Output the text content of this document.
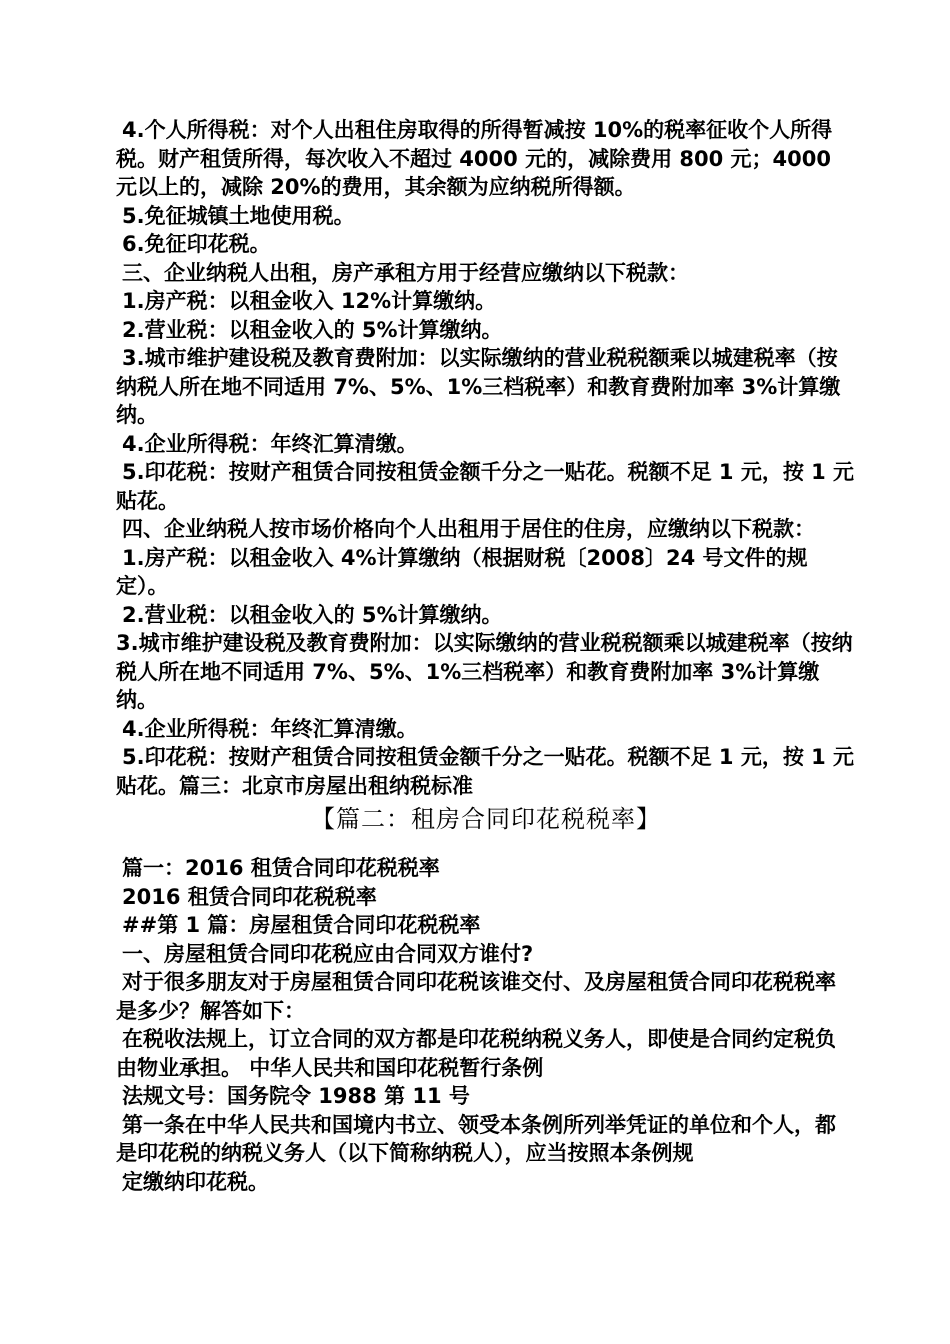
4.个人所得税：对个人出租住房取得的所得暂减按 10%的税率征收个人所得税。财产租赁所得，每次收入不超过 4000 元的，减除费用 800 元；4000 元以上的，减除 20%的费用，其余额为应纳税所得额。

5.免征城镇土地使用税。

6.免征印花税。

三、企业纳税人出租，房产承租方用于经营应缴纳以下税款：

1.房产税：以租金收入 12%计算缴纳。

2.营业税：以租金收入的 5%计算缴纳。

3.城市维护建设税及教育费附加：以实际缴纳的营业税税额乘以城建税率（按纳税人所在地不同适用 7%、5%、1%三档税率）和教育费附加率 3%计算缴纳。

4.企业所得税：年终汇算清缴。

5.印花税：按财产租赁合同按租赁金额千分之一贴花。税额不足 1 元，按 1 元贴花。

四、企业纳税人按市场价格向个人出租用于居住的住房，应缴纳以下税款：

1.房产税：以租金收入 4%计算缴纳（根据财税〔2008〕24 号文件的规定）。

2.营业税：以租金收入的 5%计算缴纳。

3.城市维护建设税及教育费附加：以实际缴纳的营业税税额乘以城建税率（按纳税人所在地不同适用 7%、5%、1%三档税率）和教育费附加率 3%计算缴纳。

4.企业所得税：年终汇算清缴。

5.印花税：按财产租赁合同按租赁金额千分之一贴花。税额不足 1 元，按 1 元贴花。篇三：北京市房屋出租纳税标准

【篇二：租房合同印花税税率】

篇一：2016 租赁合同印花税税率

2016 租赁合同印花税税率

##第 1 篇：房屋租赁合同印花税税率

一、房屋租赁合同印花税应由合同双方谁付?

对于很多朋友对于房屋租赁合同印花税该谁交付、及房屋租赁合同印花税税率是多少？解答如下：

在税收法规上，订立合同的双方都是印花税纳税义务人，即使是合同约定税负由物业承担。 中华人民共和国印花税暂行条例

法规文号：国务院令 1988 第 11 号

第一条在中华人民共和国境内书立、领受本条例所列举凭证的单位和个人，都是印花税的纳税义务人（以下简称纳税人），应当按照本条例规

定缴纳印花税。
